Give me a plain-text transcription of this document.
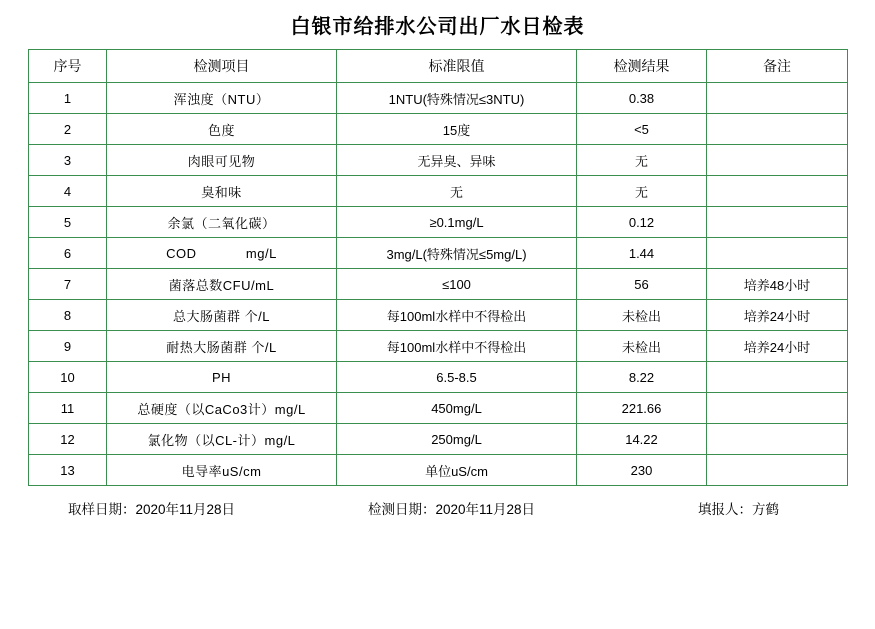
白银市给排水公司出厂水日检表
序号	检测项目	标准限值	检测结果	备注
1	浑浊度（NTU）	1NTU(特殊情况≤3NTU)	0.38	
2	色度	15度	<5	
3	肉眼可见物	无异臭、异味	无	
4	臭和味	无	无	
5	余氯（二氧化碳）	≥0.1mg/L	0.12	
6	COD            mg/L	3mg/L(特殊情况≤5mg/L)	1.44	
7	菌落总数CFU/mL	≤100	56	培养48小时
8	总大肠菌群 个/L	每100ml水样中不得检出	未检出	培养24小时
9	耐热大肠菌群 个/L	每100ml水样中不得检出	未检出	培养24小时
10	PH	6.5-8.5	8.22	
11	总硬度（以CaCo3计）mg/L	450mg/L	221.66	
12	氯化物（以CL-计）mg/L	250mg/L	14.22	
13	电导率uS/cm	单位uS/cm	230	
取样日期：2020年11月28日	检测日期：2020年11月28日	填报人：方鹤
